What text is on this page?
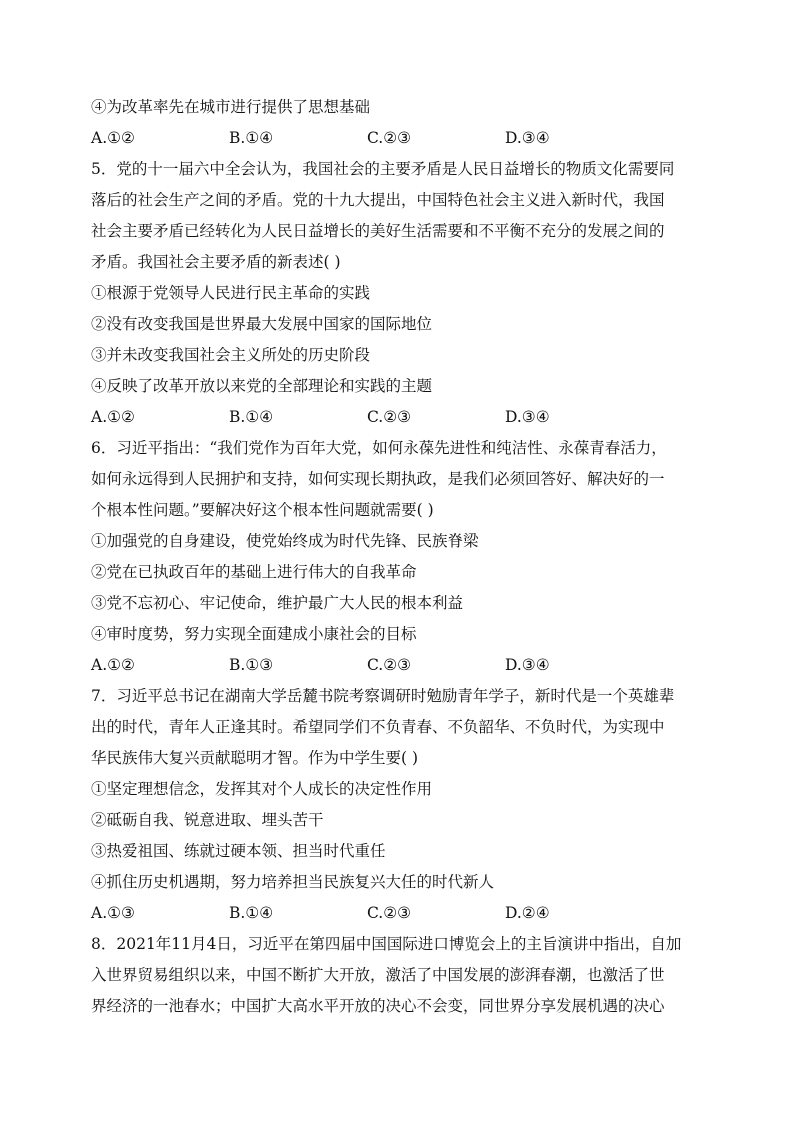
④为改革率先在城市进行提供了思想基础
A.①②	B.①④	C.②③	D.③④
5．党的十一届六中全会认为，我国社会的主要矛盾是人民日益增长的物质文化需要同
落后的社会生产之间的矛盾。党的十九大提出，中国特色社会主义进入新时代，我国
社会主要矛盾已经转化为人民日益增长的美好生活需要和不平衡不充分的发展之间的
矛盾。我国社会主要矛盾的新表述( )
①根源于党领导人民进行民主革命的实践
②没有改变我国是世界最大发展中国家的国际地位
③并未改变我国社会主义所处的历史阶段
④反映了改革开放以来党的全部理论和实践的主题
A.①②	B.①④	C.②③	D.③④
6．习近平指出：“我们党作为百年大党，如何永葆先进性和纯洁性、永葆青春活力，
如何永远得到人民拥护和支持，如何实现长期执政，是我们必须回答好、解决好的一
个根本性问题。”要解决好这个根本性问题就需要( )
①加强党的自身建设，使党始终成为时代先锋、民族脊梁
②党在已执政百年的基础上进行伟大的自我革命
③党不忘初心、牢记使命，维护最广大人民的根本利益
④审时度势，努力实现全面建成小康社会的目标
A.①②	B.①③	C.②③	D.③④
7．习近平总书记在湖南大学岳麓书院考察调研时勉励青年学子，新时代是一个英雄辈
出的时代，青年人正逢其时。希望同学们不负青春、不负韶华、不负时代，为实现中
华民族伟大复兴贡献聪明才智。作为中学生要( )
①坚定理想信念，发挥其对个人成长的决定性作用
②砥砺自我、锐意进取、埋头苦干
③热爱祖国、练就过硬本领、担当时代重任
④抓住历史机遇期，努力培养担当民族复兴大任的时代新人
A.①③	B.①④	C.②③	D.②④
8．2021年11月4日，习近平在第四届中国国际进口博览会上的主旨演讲中指出，自加
入世界贸易组织以来，中国不断扩大开放，激活了中国发展的澎湃春潮，也激活了世
界经济的一池春水；中国扩大高水平开放的决心不会变，同世界分享发展机遇的决心
